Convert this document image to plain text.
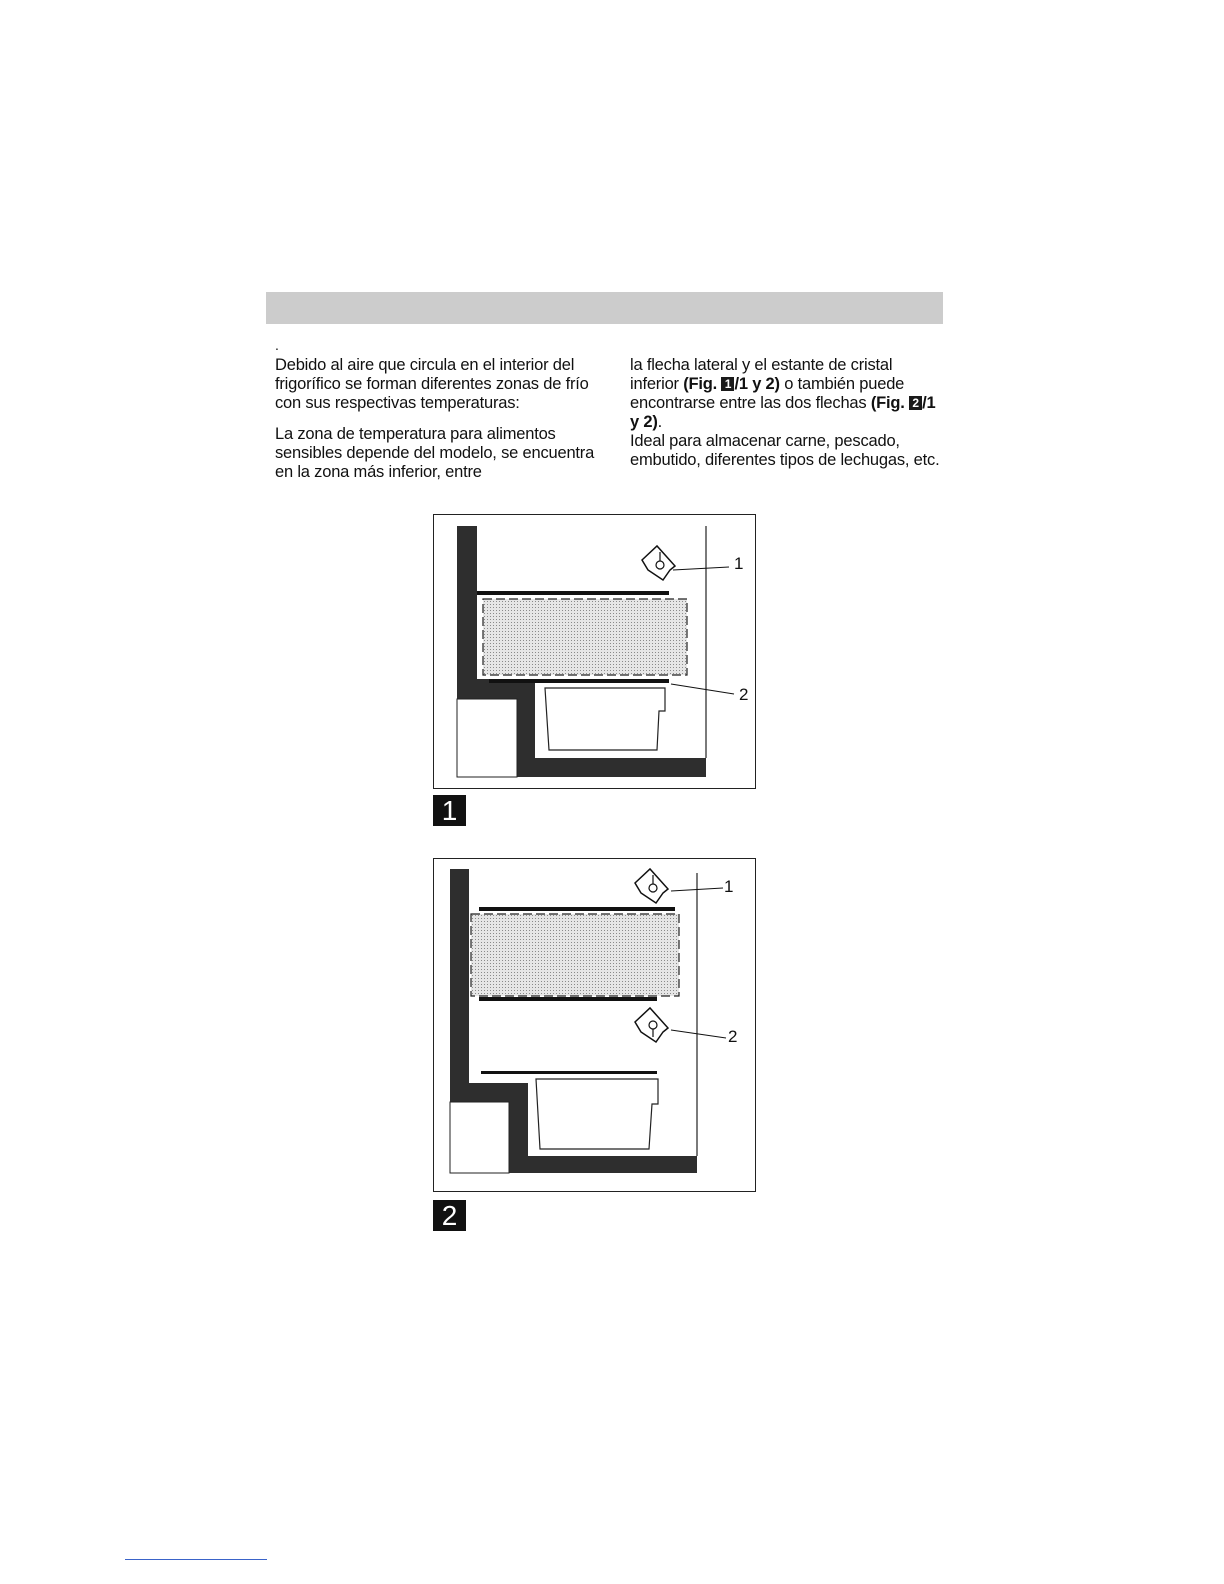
.

Debido al aire que circula en el interior del frigorífico se forman diferentes zonas de frío con sus respectivas temperaturas:

La zona de temperatura para alimentos sensibles depende del modelo, se encuentra en la zona más inferior, entre

la flecha lateral y el estante de cristal inferior (Fig. 1 /1 y 2) o también puede encontrarse entre las dos flechas (Fig. 2 /1 y 2).

Ideal para almacenar carne, pescado, embutido, diferentes tipos de lechugas, etc.

1
2
1
1
2
2
